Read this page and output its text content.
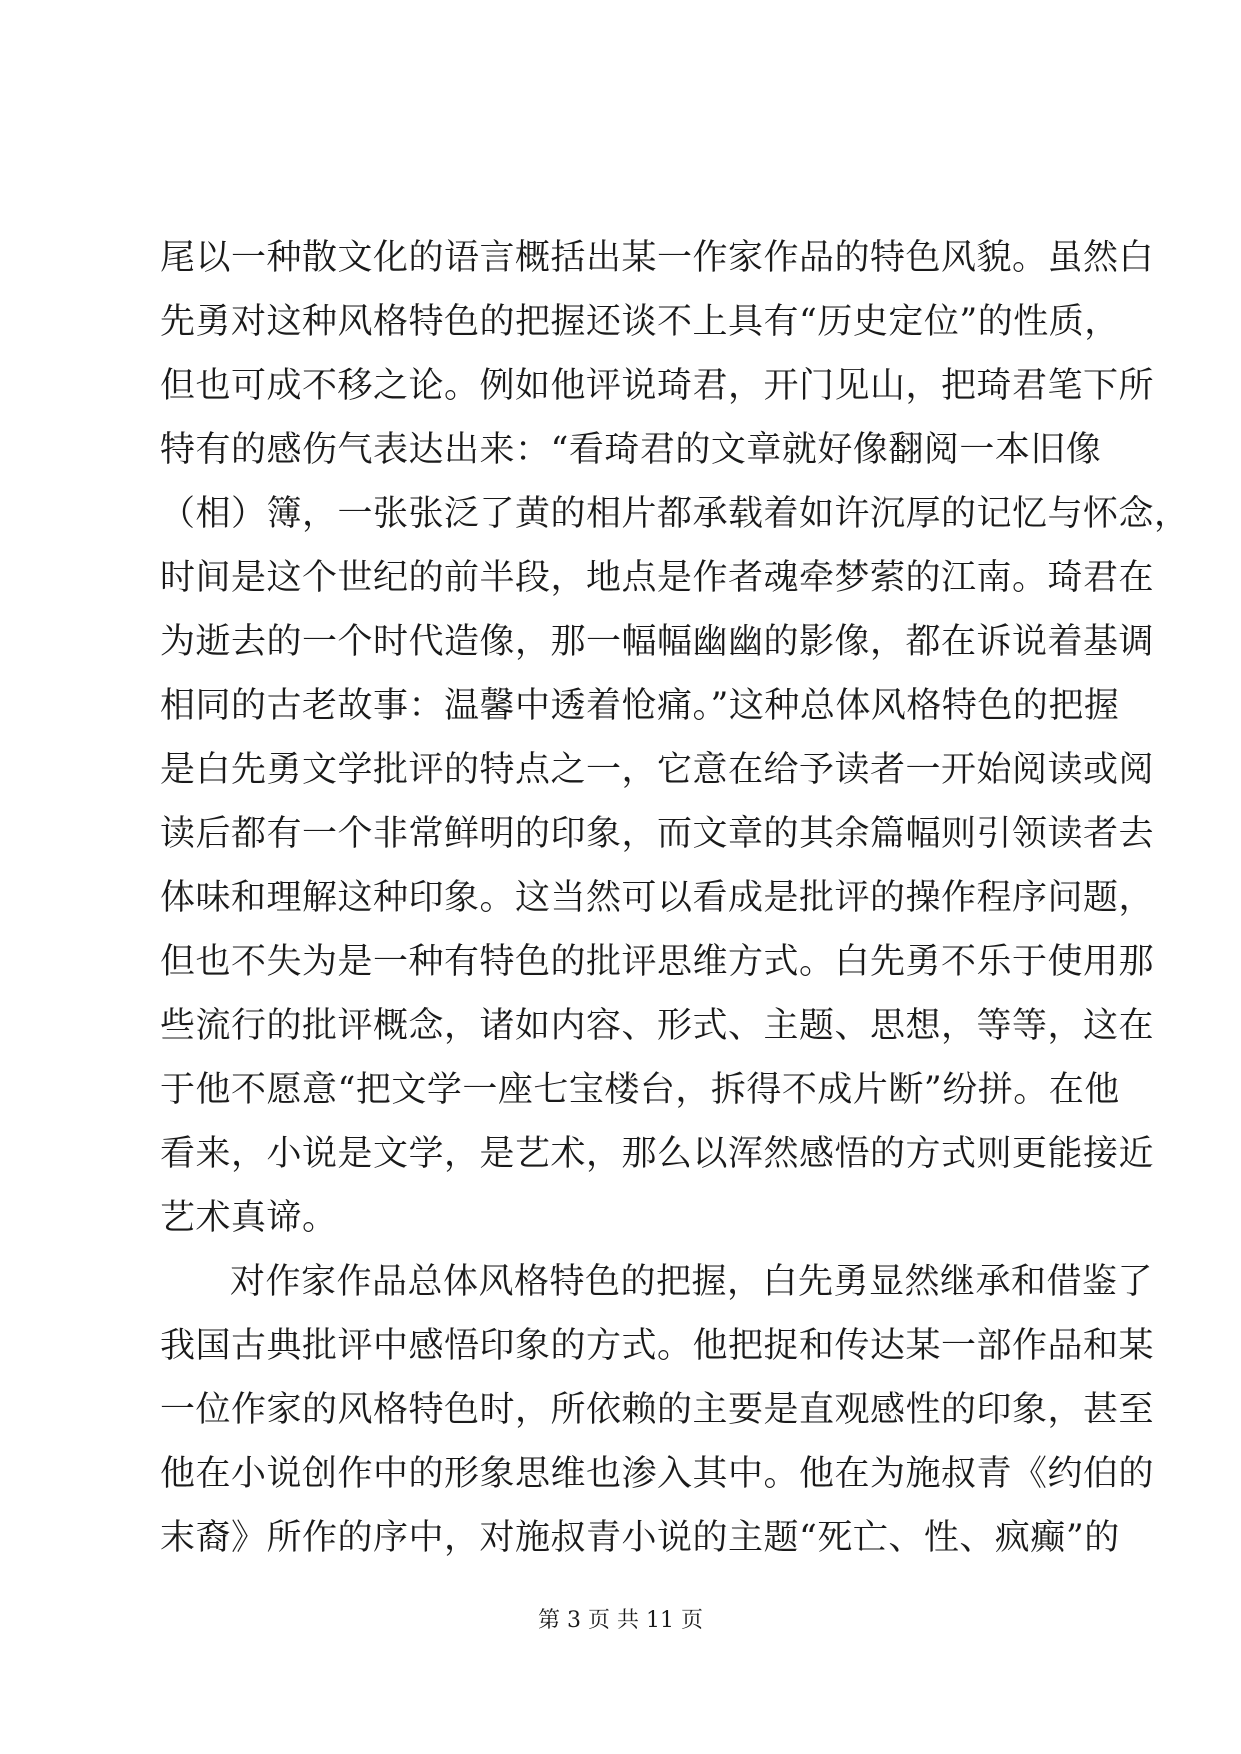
尾以一种散文化的语言概括出某一作家作品的特色风貌。虽然白
先勇对这种风格特色的把握还谈不上具有“历史定位”的性质，
但也可成不移之论。例如他评说琦君，开门见山，把琦君笔下所
特有的感伤气表达出来：“看琦君的文章就好像翻阅一本旧像
（相）簿，一张张泛了黄的相片都承载着如许沉厚的记忆与怀念，
时间是这个世纪的前半段，地点是作者魂牵梦萦的江南。琦君在
为逝去的一个时代造像，那一幅幅幽幽的影像，都在诉说着基调
相同的古老故事：温馨中透着怆痛。”这种总体风格特色的把握
是白先勇文学批评的特点之一，它意在给予读者一开始阅读或阅
读后都有一个非常鲜明的印象，而文章的其余篇幅则引领读者去
体味和理解这种印象。这当然可以看成是批评的操作程序问题，
但也不失为是一种有特色的批评思维方式。白先勇不乐于使用那
些流行的批评概念，诸如内容、形式、主题、思想，等等，这在
于他不愿意“把文学一座七宝楼台，拆得不成片断”纷拼。在他
看来，小说是文学，是艺术，那么以浑然感悟的方式则更能接近
艺术真谛。
对作家作品总体风格特色的把握，白先勇显然继承和借鉴了
我国古典批评中感悟印象的方式。他把捉和传达某一部作品和某
一位作家的风格特色时，所依赖的主要是直观感性的印象，甚至
他在小说创作中的形象思维也渗入其中。他在为施叔青《约伯的
末裔》所作的序中，对施叔青小说的主题“死亡、性、疯癫”的
第 3 页 共 11 页
